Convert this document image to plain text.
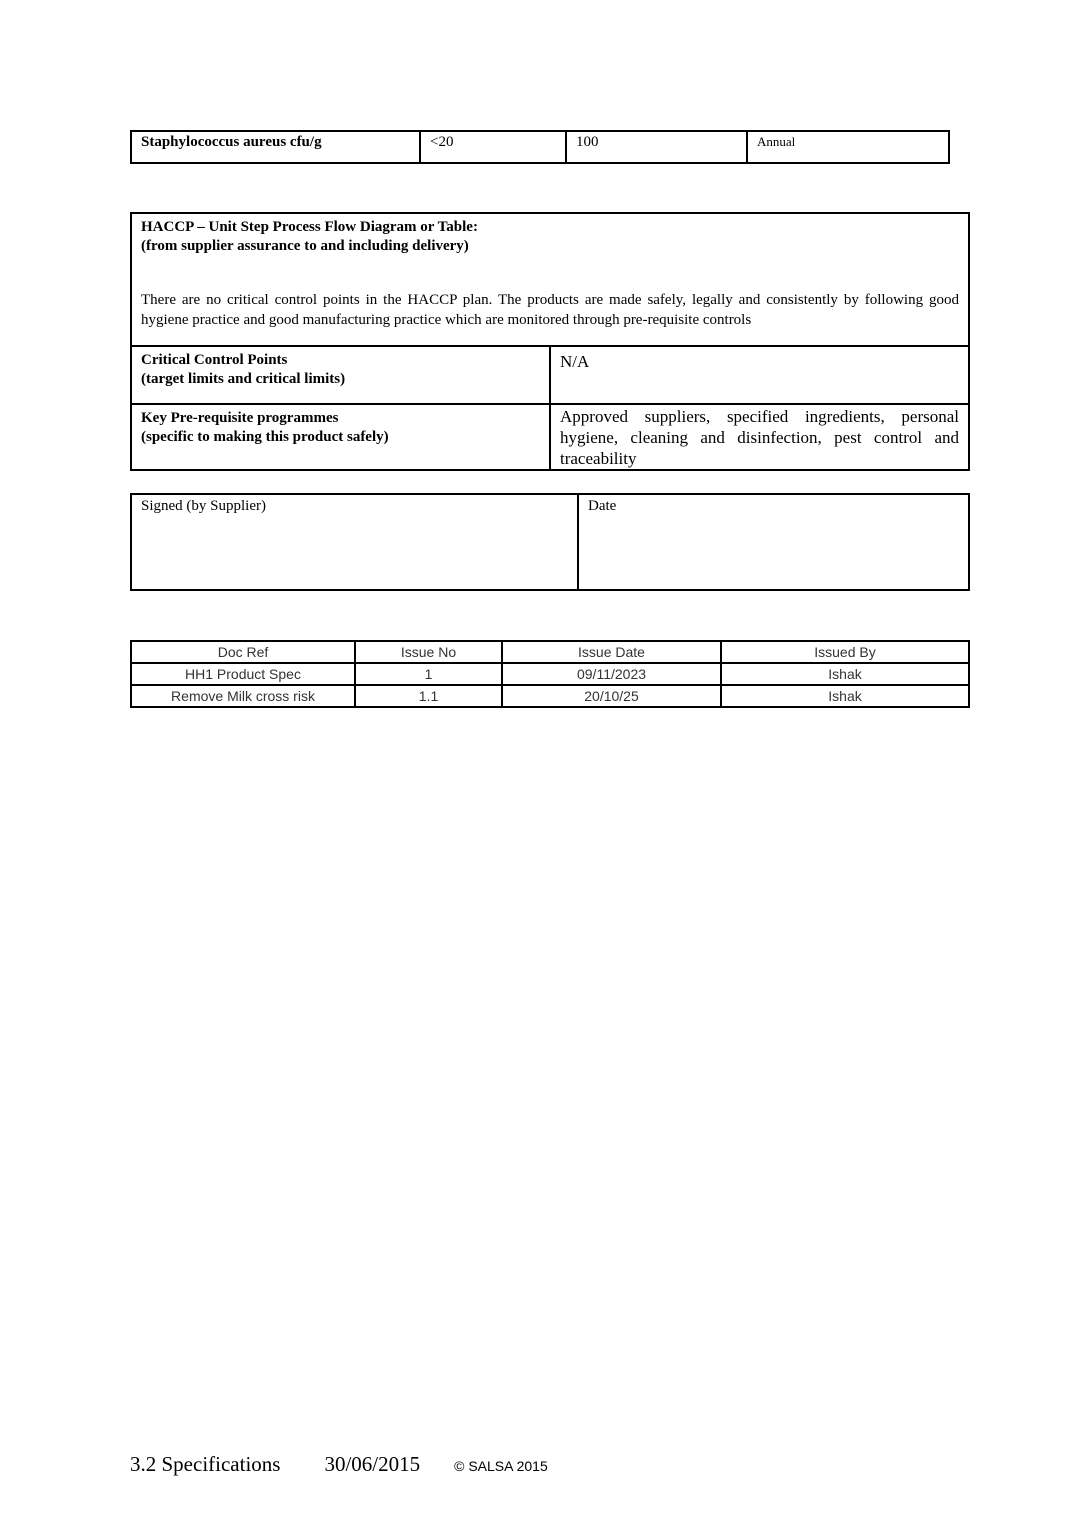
Staphylococcus aureus cfu/g	<20	100	Annual
HACCP – Unit Step Process Flow Diagram or Table:
(from supplier assurance to and including delivery)
There are no critical control points in the HACCP plan. The products are made safely, legally and consistently by following good hygiene practice and good manufacturing practice which are monitored through pre-requisite controls	

Critical Control Points
(target limits and critical limits)	N/A

Key Pre-requisite programmes
(specific to making this product safely)	Approved suppliers, specified ingredients, personal hygiene, cleaning and disinfection, pest control and traceability
Signed (by Supplier)	Date
Doc Ref	Issue No	Issue Date	Issued By
HH1 Product Spec	1	09/11/2023	Ishak
Remove Milk cross risk	1.1	20/10/25	Ishak
3.2 Specifications 30/06/2015 © SALSA 2015
